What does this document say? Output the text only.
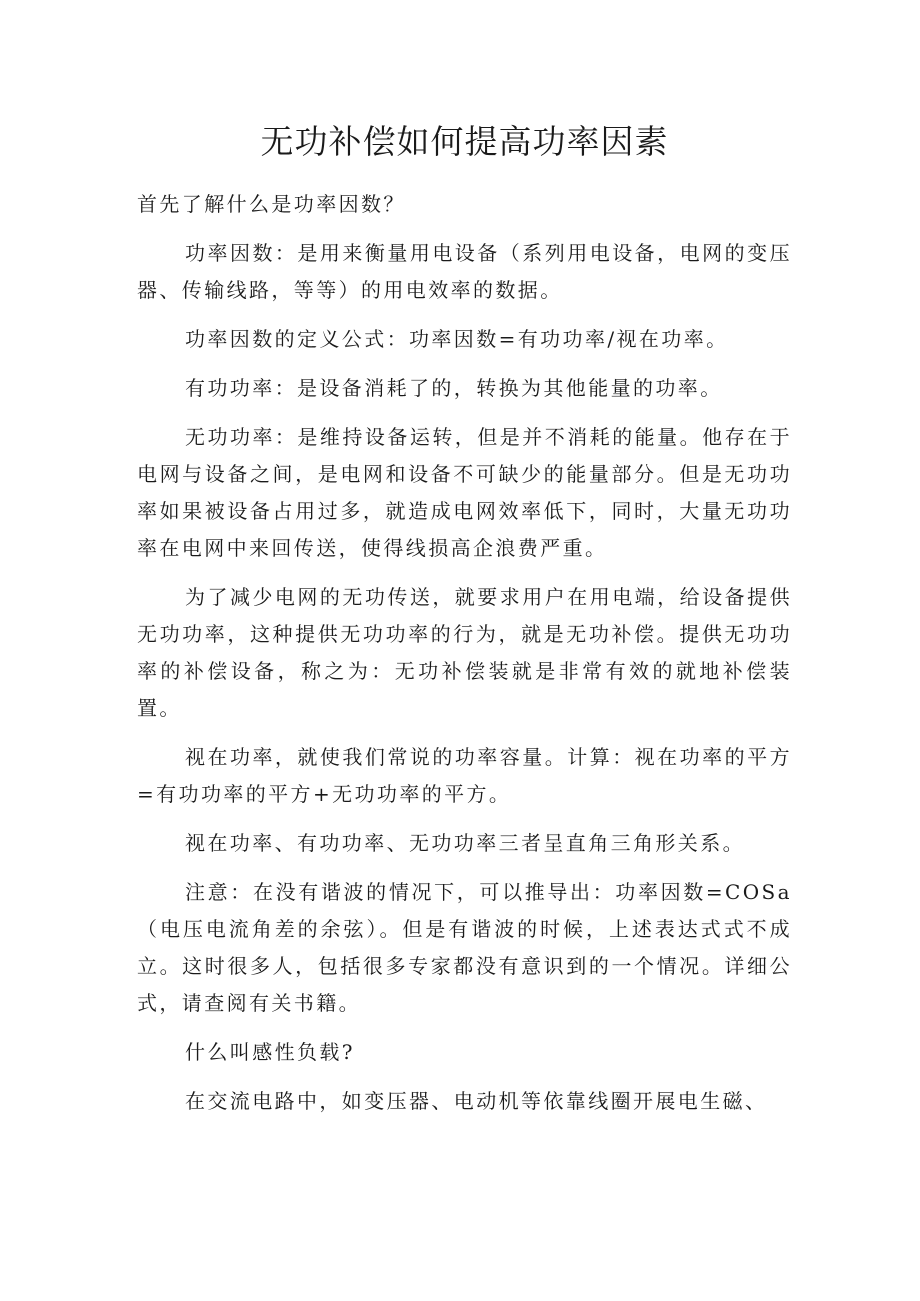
无功补偿如何提高功率因素

首先了解什么是功率因数？

功率因数：是用来衡量用电设备（系列用电设备，电网的变压器、传输线路，等等）的用电效率的数据。

功率因数的定义公式：功率因数=有功功率/视在功率。

有功功率：是设备消耗了的，转换为其他能量的功率。

无功功率：是维持设备运转，但是并不消耗的能量。他存在于电网与设备之间，是电网和设备不可缺少的能量部分。但是无功功率如果被设备占用过多，就造成电网效率低下，同时，大量无功功率在电网中来回传送，使得线损高企浪费严重。

为了减少电网的无功传送，就要求用户在用电端，给设备提供无功功率，这种提供无功功率的行为，就是无功补偿。提供无功功率的补偿设备，称之为：无功补偿装就是非常有效的就地补偿装置。

视在功率，就使我们常说的功率容量。计算：视在功率的平方=有功功率的平方+无功功率的平方。

视在功率、有功功率、无功功率三者呈直角三角形关系。

注意：在没有谐波的情况下，可以推导出：功率因数=COSa（电压电流角差的余弦）。但是有谐波的时候，上述表达式式不成立。这时很多人，包括很多专家都没有意识到的一个情况。详细公式，请查阅有关书籍。

什么叫感性负载?

在交流电路中，如变压器、电动机等依靠线圈开展电生磁、
